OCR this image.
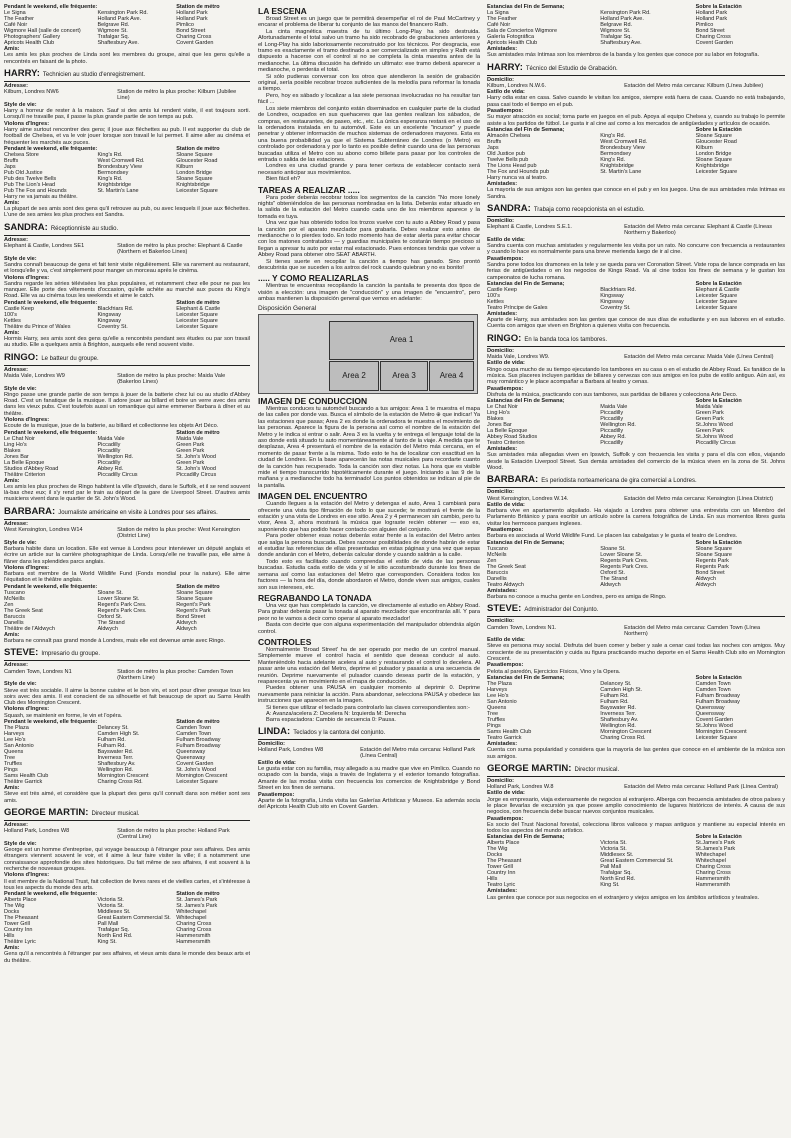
Pendant le weekend, elle fréquente:		Station de métro
Le Signa	Kensington Park Rd.	Holland Park
The Feather	Holland Park Ave.	Holland Park
Café Noir	Belgrave Rd.	Pimlico
Wigmore Hall (salle de concert)	Wigmore St.	Bond Street
Photographers' Gallery	Trafalgar Sq.	Charing Cross
Apricots Health Club	Shaftesbury Ave.	Covent Garden
Amis:

Les amis les plus proches de Linda sont les membres du groupe, ainsi que les gens qu'elle a rencontrés en faisant de la photo.

HARRY: Technicien au studio d'enregistrement.
Adresse:
Kilburn, Londres NW6	Station de métro la plus proche: Kilburn (Jubilee Line)
Style de vie:

Harry a horreur de rester à la maison. Sauf si des amis lui rendent visite, il est toujours sorti. Lorsqu'il ne travaille pas, il passe la plus grande partie de son temps au pub.

Violons d'Ingres:

Harry aime surtout rencontrer des gens; il joue aux fléchettes au pub. Il est supporter du club de football de Chelsea, et va le voir jouer lorsque son travail le lui permet. Il aime aller au cinéma et fréquenter les marchés aux puces.

Pendant le weekend, elle fréquente:		Station de métro
Chelsea Store	King's Rd.	Sloane Square
Bruffs	West Cromwell Rd.	Gloucester Road
Japs	Brondesbury View	Kilburn
Pub Old Justice	Bermondsey	London Bridge
Pub des Twelve Bells	King's Rd.	Sloane Square
Pub The Lion's Head	Knightsbridge	Knightsbridge
Pub The Fox and Hounds	St. Martin's Lane	Leicester Square
Harry ne va jamais au théâtre.		
Amis:

La plupart de ses amis sont des gens qu'il retrouve au pub, ou avec lesquels il joue aux fléchettes. L'une de ses amies les plus proches est Sandra.

SANDRA: Réceptionniste au studio.
Adresse:
Elephant & Castle, Londres SE1	Station de métro la plus proche: Elephant & Castle (Northern et Bakerloo Lines)
Style de vie:

Sandra connaît beaucoup de gens et fait tenir visite régulièrement. Elle va rarement au restaurant, et lorsqu'elle y va, c'est simplement pour manger un morceau après le cinéma.

Violons d'Ingres:

Sandra regarde les séries télévisées les plus populaires, et notamment chez elle pour ne pas les manquer. Elle porte des vêtements d'occasion, qu'elle achète au marché aux puces du King's Road. Elle va au cinéma tous les weekends et aime le catch.

Pendant le weekend, elle fréquente:		Station de métro
Castle Keep	Blackfriars Rd.	Elephant & Castle
100's	Kingsway	Leicester Square
Kettles	Kingsway	Leicester Square
Théâtre du Prince of Wales	Coventry St.	Leicester Square
Amis:

Hormis Harry, ses amis sont des gens qu'elle a rencontrés pendant ses études ou par son travail au studio. Elle a quelques amis à Brighton, auxquels elle rend souvent visite.

RINGO: Le batteur du groupe.
Adresse:
Maida Vale, Londres W9	Station de métro la plus proche: Maida Vale (Bakerloo Lines)
Style de vie:

Ringo passe une grande partie de son temps à jouer de la batterie chez lui ou au studio d'Abbey Road. C'est un fanatique de la musique. Il adore jouer au billard et boire un verre avec des amis dans les vieux pubs. C'est toutefois aussi un romantique qui aime emmener Barbara à dîner et au théâtre.

Violons d'Ingres:

Ecoute de la musique, joue de la batterie, au billard et collectionne les objets Art Déco.

Pendant le weekend, elle fréquente:		Station de métro
Le Chat Noir	Maida Vale	Maida Vale
Ling Ho's	Piccadilly	Green Park
Blakes	Piccadilly	Green Park
Jones Bar	Wellington Rd.	St. John's Wood
La Belle Epoque	Piccadilly	Green Park
Studios d'Abbey Road	Abbey Rd.	St. John's Wood
Théâtre Criterion	Piccadilly Circus	Piccadilly Circus
Amis:

Les amis les plus proches de Ringo habitent la ville d'Ipswich, dans le Suffolk, et il se rend souvent là-bas chez eux; il s'y rend par le train au départ de la gare de Liverpool Street. D'autres amis musiciens vivent dans le quartier de St. John's Wood.

BARBARA: Journaliste américaine en visite à Londres pour ses affaires.
Adresse:
West Kensington, Londres W14	Station de métro la plus proche: West Kensington (District Line)
Style de vie:

Barbara habite dans un location. Elle est venue à Londres pour interviewer un député anglais et écrire un article sur la carrière photographique de Linda. Lorsqu'elle ne travaille pas, elle aime à flâner dans les splendides parcs anglais.

Violons d'Ingres:

Barbara est membre de la World Wildlife Fund (Fonds mondial pour la nature). Elle aime l'équitation et le théâtre anglais.

Pendant le weekend, elle fréquente:		Station de métro
Tuscano	Sloane St.	Sloane Square
McNeills	Lower Sloane St.	Sloane Square
Zen	Regent's Park Cres.	Regent's Park
The Greek Seat	Regent's Park Cres.	Regent's Park
Baruccis	Oxford St.	Bond Street
Danellis	The Strand	Aldwych
Théâtre de l'Aldwych	Aldwych	Aldwych
Amis:

Barbara ne connaît pas grand monde à Londres, mais elle est devenue amie avec Ringo.

STEVE: Impresario du groupe.
Adresse:
Camden Town, Londres N1	Station de métro la plus proche: Camden Town (Northern Line)
Style de vie:

Steve est très sociable. Il aime la bonne cuisine et le bon vin, et sort pour dîner presque tous les soirs avec des amis. Il est conscient de sa silhouette et fait beaucoup de sport au Sams Health Club des Mornington Crescent.

Violons d'Ingres:

Squash, se maintenir en forme, le vin et l'opéra.

Pendant le weekend, elle fréquente:		Station de métro
The Plaza	Delancey St.	Camden Town
Harveys	Camden High St.	Camden Town
Lee Ho's	Fulham Rd.	Fulham Broadway
San Antonio	Fulham Rd.	Fulham Broadway
Queens	Bayswater Rd.	Queensway
Tree	Inverness Terr.	Queensway
Truffles	Shaftesbury Av.	Covent Garden
Pings	Wellington Rd.	St. John's Wood
Sams Health Club	Mornington Crescent	Mornington Crescent
Théâtre Garrick	Charing Cross Rd.	Leicester Square
Amis:

Steve est très aimé, et considère que la plupart des gens qu'il connaît dans son métier sont ses amis.

GEORGE MARTIN: Directeur musical.
Adresse:
Holland Park, Londres W8	Station de métro la plus proche: Holland Park (Central Line)
Style de vie:

George est un homme d'entreprise, qui voyage beaucoup à l'étranger pour ses affaires. Des amis étrangers viennent souvent le voir, et il aime à leur faire visiter la ville; il a notamment une connaissance approfondie des sites historiques. Du fait même de ses affaires, il est souvent à la recherche de nouveaux groupes.

Violons d'Ingres:

Il est membre de la National Trust, fait collection de livres rares et de vieilles cartes, et s'intéresse à tous les aspects du monde des arts.

Pendant le weekend, elle fréquente:		Station de métro
Alberts Place	Victoria St.	St. James's Park
The Wig	Victoria St.	St. James's Park
Docks	Middlesex St.	Whitechapel
The Pheasant	Great Eastern Commercial St.	Whitechapel
Tower Grill	Pall Mall	Charing Cross
Country Inn	Trafalgar Sq.	Charing Cross
Hills	North End Rd.	Hammersmith
Théâtre Lyric	King St.	Hammersmith
Amis:

Gens qu'il a rencontrés à l'étranger par ses affaires, et vieux amis dans le monde des beaux arts et du théâtre.

LA ESCENA

Broad Street es un juego que te permitirá desempeñar el rol de Paul McCartney y encarar el problema de liberar tu conjunto de las manos del financero Rath.

La cinta magnética maestra de tu último Long-Play ha sido destruida. Afortunadamente el total salvo un tramo ha sido recobrado de grabaciones anteriores y el Long-Play ha sido laboriosamente reconstruido por los técnicos. Por desgracia, ese tramo es exactamente el tramo destinado a ser comercializado en simples y Rath está dispuesto a hacerse con el control si no se completa la cinta maestra antes de la medianoche. La última discusión ha definido un ultimato: ese tramo deberá aparecer a medianoche, o perderás el total.

Si sólo pudieras conversar con los otros que atendieron la sesión de grabación original, sería posible recobrar trozos suficientes de la melodía para reformar la tonada a tiempo.

Pero, hoy es sábado y localizar a las siete personas involucradas no ha resultar tan fácil ...

Los siete miembros del conjunto están diseminados en cualquier parte de la ciudad de Londres, ocupados en sus quehaceres que las gentes realizan los sábados, de compras, en restaurantes, de paseo, etc., etc. La única esperanza restará en el uso de la ordenadora instalada en tu automóvil. Este es un excelente "incursor" y puede penetrar y obtener información de muchos sistemas de ordenadores mayores. Esta es una buena probabilidad ya que el Sistema Subterráneo de Londres (o Metro) es controlado por ordenadora y por lo tanto es posible definir cuando una de las personas buscadas utiliza el Metro con su abono como billete para pasar por los controles de entrada o salida de las estaciones.

Londres es una ciudad grande y para tener certeza de establecer contacto será necesario anticipar sus movimientos.

Bien fácil eh?

TAREAS A REALIZAR .....

Para poder deberás recobrar todos los segmentos de la canción "No more lonely nights" obteniéndolos de las personas nombradas en la lista. Deberás estar situado en la salida de la estación del Metro cuando cada uno de los miembros aparece y la tomada es tuya.

Una vez que has obtenido todos los trozos vuelve con tu auto a Abbey Road y pasa la canción por el aparato mezclador para grabarla. Debes realizar esto antes de medianoche o lo pierdes todo. En todo momento has de estar alerta para evitar chocar con los matones contratados — y guardias municipales te costarán tiempo precioso si llegan a apresar tu auto por estar mal estacionado. Pues entonces tendrás que volver a Abbey Road para obtener otro SEAT ABARTH.

Si tienes suerte en recopilar la canción a tiempo has ganado. Sino prontó descubrirás que se suceden a los astros del rock cuando quiebran y no es bonito!

..... Y COMO REALIZARLAS

Mientras te encuentras recopilando la canción la pantalla te presenta dos tipos de visión a elección: una imagen de "conducción" y una imagen de "encuentro", pero ambas mantienen la disposición general que vemos en adelante:

Disposición General
Area 1
Area 2	Area 3	Area 4
IMAGEN DE CONDUCCION

Mientras conduces tu automóvil buscando a tus amigos: Area 1 te muestra el mapa de las calles por donde vas. Busca el símbolo de la estación de Metro ⊕ que indicar! Ya las estaciones que pasas; Area 2 es donde la ordenadora te muestra el movimiento de las personas. Aparece la figura de la persona así como el nombre de la estación del Metro y le indica si entrar o salir. Area 3 es la vuelta y te entrega el lenguaje total de la aso donde está situado tu auto momentáneamente al tanto de la viaje. A medida que te desplazas, Area 4 presentará el nombre de la estación del Metro más cercana, en el momento de pasar frente a la misma. Todo esto te ha de localizar con exactitud en la ciudad de Londres. En la base aparecerán las notas musicales para recordarte cuanto de la canción has recuperado. Toda la canción son diez notas. La hora que es visible mide el tiempo transcurrido hipotéticamente durante el juego. Iniciando a las 9 de la mañana y a medianoche todo ha terminado! Los puntos obtenidos se indican al pie de la pantalla.

IMAGEN DEL ENCUENTRO

Cuando llegues a la estación del Metro y detengas el auto, Area 1 cambiará para ofrecerte una vista tipo filmación de todo lo que sucede; te mostrará el frente de la estación y una vista de Londres en ese sitio. Area 2 y 4 permanecen sin cambio, pero tu visor, Area 3, ahora mostrará la música que lograste recién obtener — eso es, suponiendo que has podido hacer contacto con alguien del conjunto.

Para poder obtener esas notas deberás estar frente a la estación del Metro antes que salga la persona buscada. Debes razonar posibilidades de donde habrán de estar el estudiar las referencias de ellas presentadas en estas páginas y una vez que sepas donde andarán con el Metro, deberás calcular donde y cuando saldrán a la calle.

Todo esto es facilitado cuando comprendas el estilo de vida de las personas buscadas. Estudia cada estilo de vida y sí le sitio acostumbrado durante los fines de semana así como las estaciones del Metro que corresponden. Considera todos los factores — la hora del día, donde abordaron el Metro, donde viven sus amigos, cuales son sus intereses, etc.

REGRABANDO LA TONADA

Una vez que has completado la canción, ve directamente al estudio en Abbey Road. Para grabar deberás pasar la tonada al aparato mezclador que encontrarás allí. Y para peor no te vamos a decir como operar al aparato mezclador!

Basta con decirte que con alguna experimentación del manipulador obtendrás algún control.

CONTROLES

Normalmente 'Broad Street' ha de ser operado por medio de un control manual. Simplemente mueve el control hacia el sentido que deseas conducir al auto. Manteniéndolo hacia adelante acelera al auto y restaurando el control lo decelera. Al pasar ante una estación del Metro, deprime el pulsador y pasarás a una secuencia de reunión. Deprime nuevamente el pulsador cuando deseas partir de la estación, y reaparecerás ya en movimiento en el mapa de conducción.

Puedes obtener una PAUSA en cualquier momento al deprimir 0. Deprime nuevamente para reiniciar la acción. Para abandonar, selecciona PAUSA y obedece las instrucciones que aparecen en la imagen.

Si tienes que utilizar el teclado para controlarlo las claves correspondientes son:-

A: Avanza/acelera Z: Decelera N: Izquierda M: Derecha

Barra espaciadora: Cambio de secuencia 0: Pausa.

LINDA: Teclados y la cantora del conjunto.
Domicilio:
Holland Park, Londres W8	Estación del Metro más cercana: Holland Park (Línea Central)
Estilo de vida:

Le gusta estar con su familia, muy allegado a su madre que vive en Pimlico. Cuando no ocupado con la banda, viaja a través de Inglaterra y el exterior tomando fotografías. Amante de las modas visita con frecuencia los comercios de Knightsbridge y Bond Street en los fines de semana.

Pasatiempos:

Aparte de la fotografía, Linda visita las Galerías Artísticas y Museos. Es además socia del Apricots Health Club sito en Covent Garden.

Estancias del Fin de Semana;		Sobre la Estación
La Signa	Kensington Park Rd.	Holland Park
The Feather	Holland Park Ave.	Holland Park
Café Noir	Belgrave Rd.	Pimlico
Sala de Conciertos Wigmore	Wigmore St.	Bond Street
Galería Fotográfica	Trafalgar Sq.	Charing Cross
Apricots Health Club	Shaftesbury Ave.	Covent Garden
Amistades:

Sus amistades más íntimas son los miembros de la banda y los gentes que conoce por su labor en fotografía.

HARRY: Técnico del Estudio de Grabación.
Domicilio:
Kilburn, Londres N.W.6.	Estación del Metro más cercana: Kilburn (Línea Jubilee)
Estilo de vida:

Harry odia estar en casa. Salvo cuando le visitan los amigos, siempre está fuera de casa. Cuando no está trabajando, pasa casi todo el tiempo en el pub.

Pasatiempos:

Su mayor atracción es social; toma parte en juegos en el pub. Apoya al equipo Chelsea y, cuando su trabajo lo permite asiste a los partidos de fútbol. Le gusta ir al cine así como a los mercados de antigüedades y artículos de ocasión.

Estancias del Fin de Semana;		Sobre la Estación
Almacén Chelsea	King's Rd.	Sloane Square
Bruffs	West Cromwell Rd.	Gloucester Road
Japs	Brondesbury View	Kilburn
Old Justice pub	Bermondsey	London Bridge
Twelve Bells pub	King's Rd.	Sloane Square
The Lions Head pub	Knightsbridge	Knightsbridge
The Fox and Hounds pub	St. Martin's Lane	Leicester Square
Harry nunca va al teatro.		
Amistades:

La mayoría de sus amigos son las gentes que conoce en el pub y en los juegos. Una de sus amistades más íntimas es Sandra.

SANDRA: Trabaja como recepcionista en el estudio.
Domicilio:
Elephant & Castle, Londres S.E.1.	Estación del Metro más cercana: Elephant & Castle (Líneas Northern y Bakerloo)
Estilo de vida:

Sandra cuenta con muchas amistades y regularmente les visita por un rato. No concurre con frecuencia a restaurantes y cuando lo hace es normalmente para una breve merienda luego de ir al cine.

Pasatiempos:

Sandra pone todos los dramones en la tele y se queda para ver Coronation Street. Viste ropa de lance comprada en las ferias de antigüedades o en los negocios de Kings Road. Va al cine todos los fines de semana y le gustan los campeonatos de lucha romana.

Estancias del Fin de Semana;		Sobre la Estación
Castle Keep	Blackfriars Rd.	Elephant & Castle
100's	Kingsway	Leicester Square
Kettles	Kingsway	Leicester Square
Teatro Príncipe de Gales	Coventry St.	Leicester Square
Amistades:

Aparte de Harry, sus amistades son las gentes que conoce de sus días de estudiante y en sus labores en el estudio. Cuenta con amigos que viven en Brighton a quienes visita con frecuencia.

RINGO: En la banda toca los tambores.
Domicilio:
Maida Vale, Londres W9.	Estación del Metro más cercana: Maida Vale (Línea Central)
Estilo de vida:

Ringo ocupa mucho de su tiempo ejecutando los tambores en su casa o en el estudio de Abbey Road. Es fanático de la música. Sus placeres incluyen partidas de billares y cervezas con sus amigos en los pubs de estilo antiguo. Aún así, es muy romántico y le place acompañar a Barbara al teatro y cenas.

Pasatiempos:

Disfruta de la música, practicando con sus tambores, sus partidas de billares y colecciona Arte Deco.

Estancias del Fin de Semana;		Sobre la Estación
Le Chat Noir	Maida Vale	Maida Vale
Ling Ho's	Piccadilly	Green Park
Blakes	Piccadilly	Green Park
Jones Bar	Wellington Rd.	St.Johns Wood
La Belle Epoque	Piccadilly	Green Park
Abbey Road Studios	Abbey Rd.	St.Johns Wood
Teatro Criterion	Piccadilly	Piccadilly Circus
Amistades:

Sus amistades más allegadas viven en Ipswich, Suffolk y con frecuencia les visita y para el día con ellos, viajando desde la Estación Liverpool Street. Sus demás amistades del comercio de la música viven en la zona de St. Johns Wood.

BARBARA: Es periodista norteamericana de gira comercial a Londres.
Domicilio:
West Kensington, Londres W.14.	Estación del Metro más cercana: Kensington (Línea District)
Estilo de vida:

Barbara vive en apartamento alquilado. Ha viajado a Londres para obtener una entrevista con un Miembro del Parlamento Británico y para escribir un artículo sobre la carrera fotográfica de Linda. En sus momentos libres gusta visitar los hermosos parques ingleses.

Pasatiempos:

Barbara es asociada al World Wildlife Fund. Le placen las cabalgatas y le gusta el teatro de Londres.

Estancias del Fin de Semana;		Sobre la Estación
Tuscano	Sloane St.	Sloane Square
McNeils	Lower Sloane St.	Sloane Square
Zen	Regents Park Cres.	Regents Park
The Greek Seat	Regents Park Cres.	Regents Park
Baruccis	Oxford St.	Bond Street
Danellis	The Strand	Aldwych
Teatro Aldwych	Aldwych	Aldwych
Amistades:

Barbara no conoce a mucha gente en Londres, pero es amiga de Ringo.

STEVE: Administrador del Conjunto.
Domicilio:
Camden Town, Londres N1.	Estación del Metro más cercana: Camden Town (Línea Northern)
Estilo de vida:

Steve es persona muy social. Disfruta del buen comer y beber y sale a cenar casi todas las noches con amigos. Muy consciente de su presentación y cuida su figura practicando mucho deporte en el Sams Health Club sito en Mornington Crescent.

Pasatiempos:

Pelota al paredón, Ejercicios Físicos, Vino y la Opera.

Estancias del Fin de Semana;		Sobre la Estación
The Plaza	Delancey St.	Camden Town
Harveys	Camden High St.	Camden Town
Lee Ho's	Fulham Rd.	Fulham Broadway
San Antonio	Fulham Rd.	Fulham Broadway
Queens	Bayswater Rd.	Queensway
Tree	Inverness Terr.	Queensway
Truffles	Shaftesbury Av.	Covent Garden
Pings	Wellington Rd.	St.Johns Wood
Sams Health Club	Mornington Crescent	Mornington Crescent
Teatro Garrick	Charing Cross Rd.	Leicester Square
Amistades:

Cuenta con suma popularidad y considera que la mayoría de las gentes que conoce en el ambiente de la música son sus amigos.

GEORGE MARTIN: Director musical.
Domicilio:
Holland Park, Londres W.8	Estación del Metro más cercana: Holland Park (Línea Central)
Estilo de vida:

Jorge es empresario, viaja extensamente de negocios al extranjero. Alberga con frecuencia amistades de otros países y le place llevarlas de excursión ya que posee amplio conocimiento de lugares históricos de interés. A causa de sus negocios, con frecuencia debe buscar nuevos conjuntos musicales.

Pasatiempos:

Es socio del Trust Nacional forestal, colecciona libros valiosos y mapas antiguos y mantiene su especial interés en todos los aspectos del mundo artístico.

Estancias del Fin de Semana;		Sobre la Estación
Alberts Place	Victoria St.	St.James's Park
The Wig	Victoria St.	St.James's Park
Docks	Middlesex St.	Whitechapel
The Pheasant	Great Eastern Commercial St.	Whitechapel
Tower Grill	Pall Mall	Charing Cross
Country Inn	Trafalgar Sq.	Charing Cross
Hills	North End Rd.	Hammersmith
Teatro Lyric	King St.	Hammersmith
Amistades:

Las gentes que conoce por sus negocios en el extranjero y viejos amigos en los ámbitos artísticos y teatrales.
